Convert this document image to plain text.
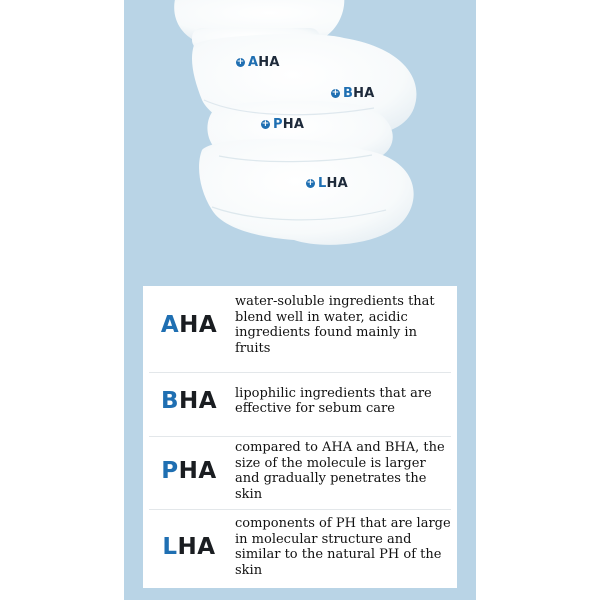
+ AHA
+ BHA
+ PHA
+ LHA
AHA
water-soluble ingredients that blend well in water, acidic ingredients found mainly in fruits
BHA	lipophilic ingredients that are effective for sebum care
PHA
compared to AHA and BHA, the size of the molecule is larger and gradually penetrates the skin
LHA
components of PH that are large in molecular structure and similar to the natural PH of the skin
